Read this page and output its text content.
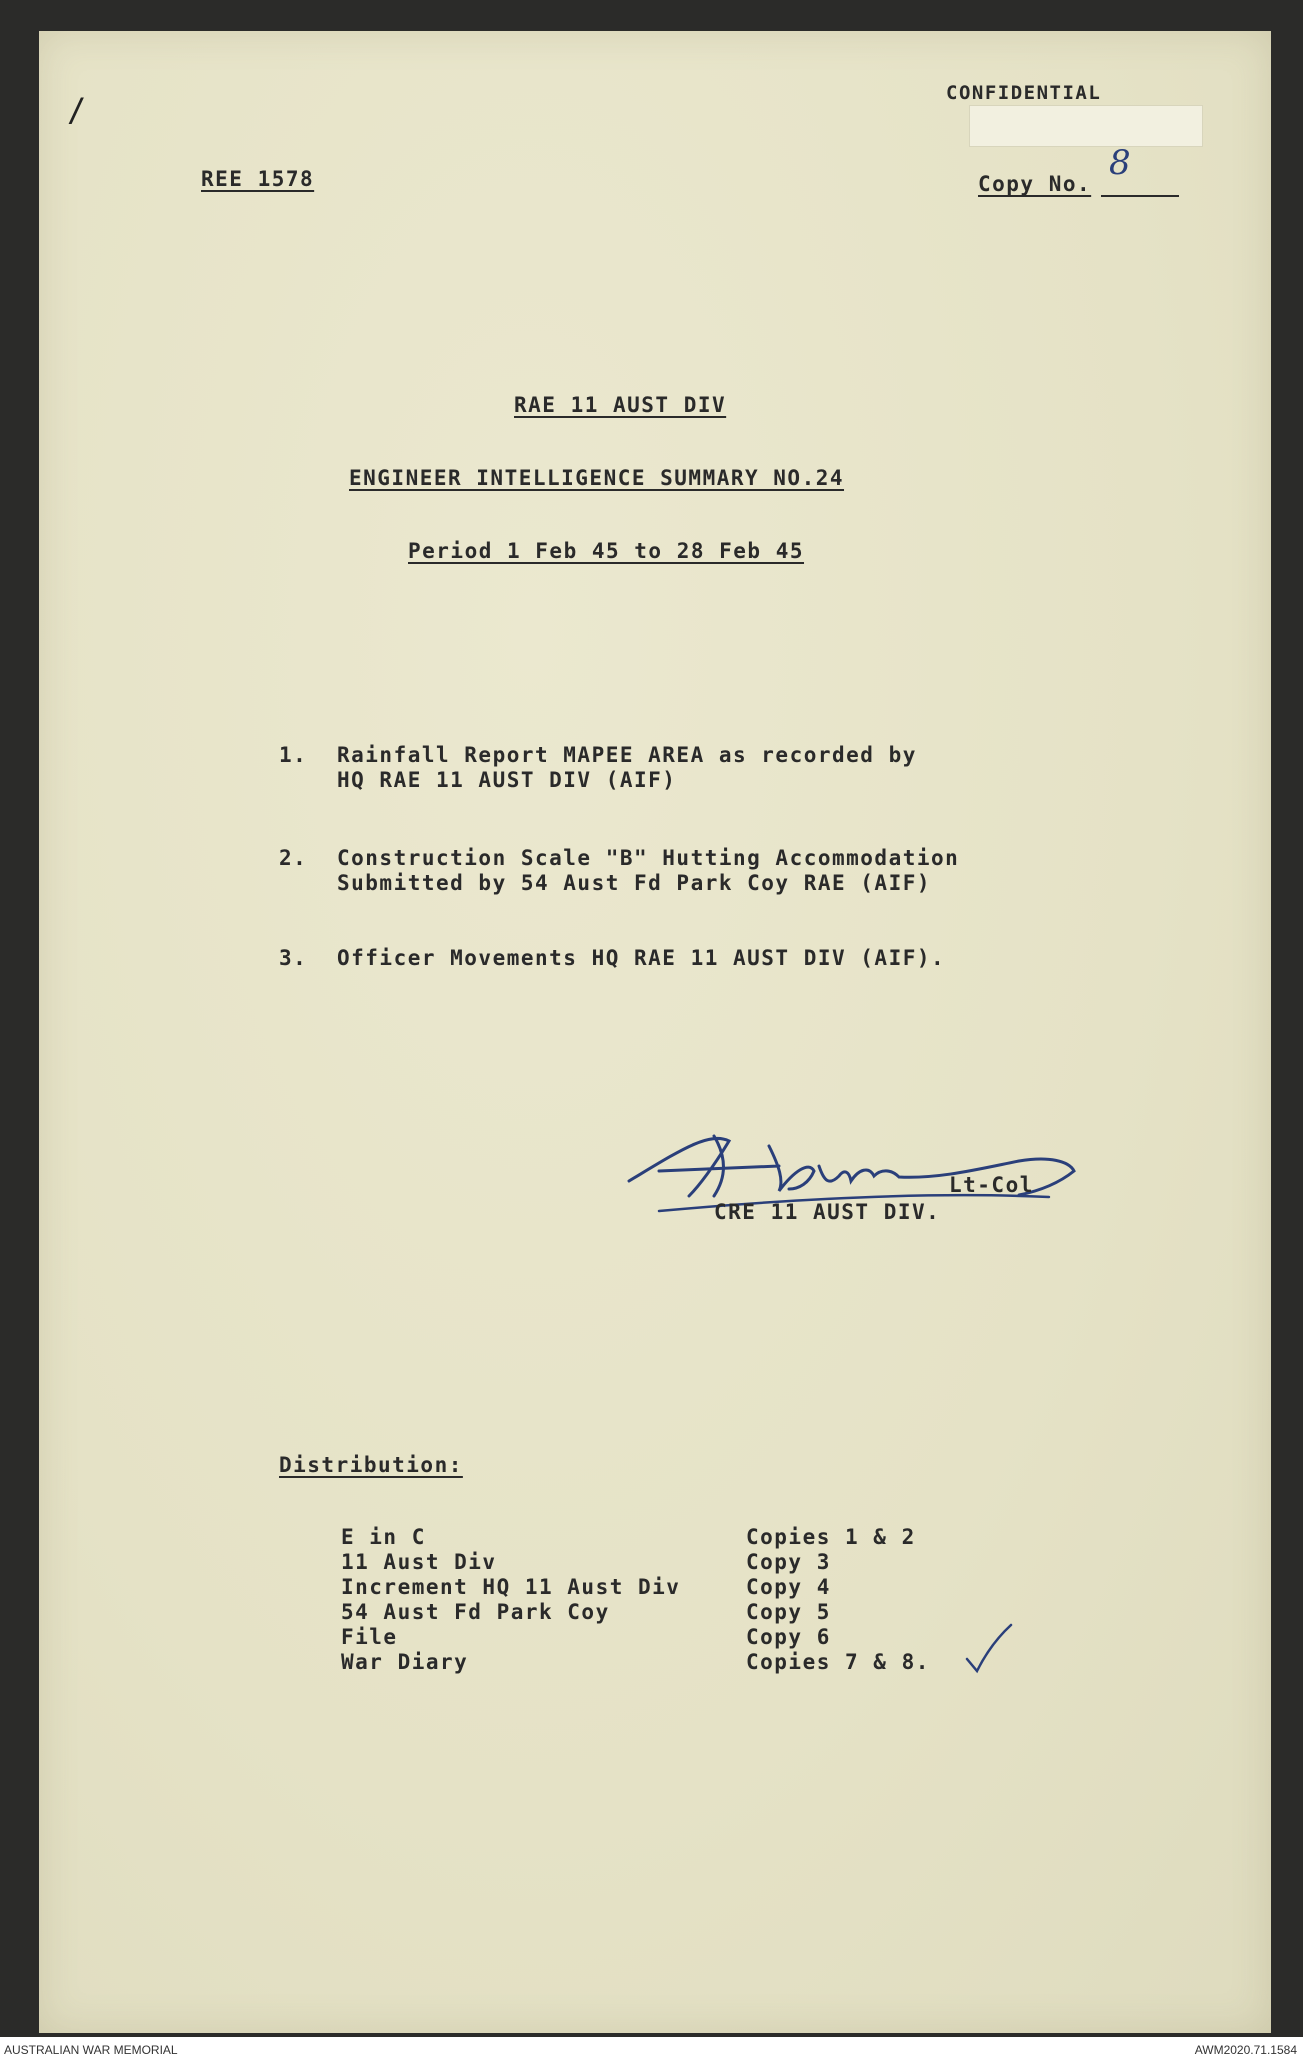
CONFIDENTIAL
/
REE 1578	Copy No.
8
RAE 11 AUST DIV
ENGINEER INTELLIGENCE SUMMARY NO.24
Period 1 Feb 45 to 28 Feb 45
1. Rainfall Report MAPEE AREA as recorded by
HQ RAE 11 AUST DIV (AIF)
2. Construction Scale "B" Hutting Accommodation
Submitted by 54 Aust Fd Park Coy RAE (AIF)
3. Officer Movements HQ RAE 11 AUST DIV (AIF).
Lt-Col
CRE 11 AUST DIV.
Distribution:
E in C	Copies 1 & 2
11 Aust Div	Copy 3
Increment HQ 11 Aust Div	Copy 4
54 Aust Fd Park Coy	Copy 5
File	Copy 6
War Diary	Copies 7 & 8.
AUSTRALIAN WAR MEMORIAL	AWM2020.71.1584
